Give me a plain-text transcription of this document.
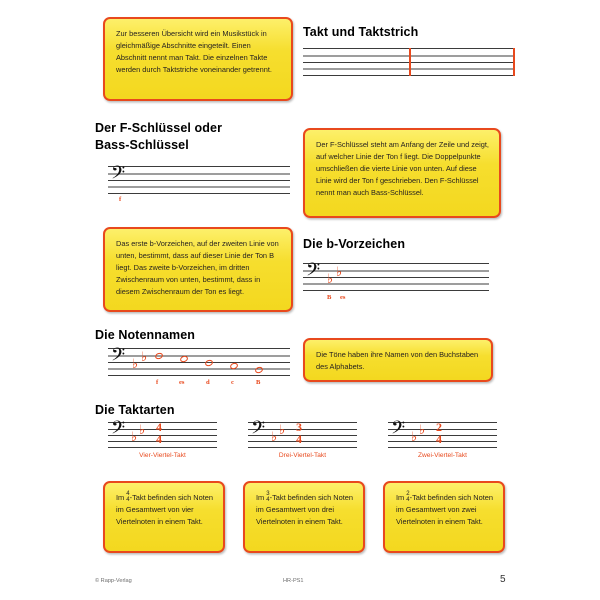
Zur besseren Übersicht wird ein Musikstück in gleichmäßige Abschnitte eingeteilt. Einen Abschnitt nennt man Takt. Die einzelnen Takte werden durch Taktstriche voneinander getrennt.
Takt und Taktstrich
Der F-Schlüssel oder
Bass-Schlüssel	Der F-Schlüssel steht am Anfang der Zeile und zeigt, auf welcher Linie der Ton f liegt. Die Doppelpunkte umschließen die vierte Linie von unten. Auf diese Linie wird der Ton f geschrieben. Den F-Schlüssel nennt man auch Bass-Schlüssel.
𝄢
f
Das erste b-Vorzeichen, auf der zweiten Linie von unten, bestimmt, dass auf dieser Linie der Ton B liegt. Das zweite b-Vorzeichen, im dritten Zwischenraum von unten, bestimmt, dass in diesem Zwischenraum der Ton es liegt.
Die b-Vorzeichen
𝄢 ♭ ♭
B es
Die Notennamen
Die Töne haben ihre Namen von den Buchstaben des Alphabets.
𝄢 ♭ ♭
f	es	d	c	B
Die Taktarten
𝄢 ♭ ♭ 4
4
Vier-Viertel-Takt
𝄢 ♭ ♭ 3
4
Drei-Viertel-Takt
𝄢 ♭ ♭ 2
4
Zwei-Viertel-Takt
Im 4
4 -Takt befinden sich Noten im Gesamtwert von vier Viertelnoten in einem Takt.
Im 3
4 -Takt befinden sich Noten im Gesamtwert von drei Viertelnoten in einem Takt.
Im 2
4 -Takt befinden sich Noten im Gesamtwert von zwei Viertelnoten in einem Takt.
© Rapp-Verlag	HR-PS1	5
